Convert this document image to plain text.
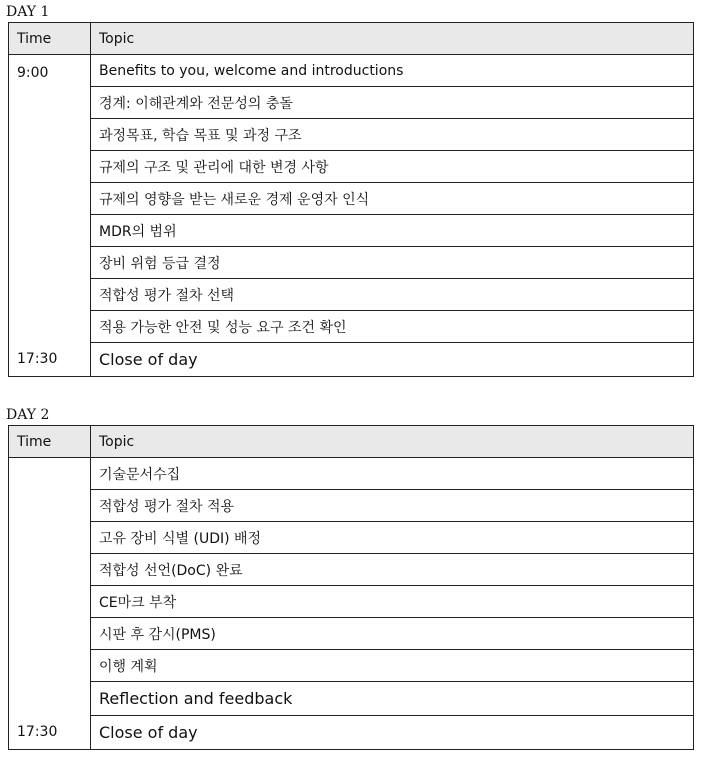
DAY 1
Time	Topic
9:00	Benefits to you, welcome and introductions
	경계: 이해관계와 전문성의 충돌
	과정목표, 학습 목표 및 과정 구조
	규제의 구조 및 관리에 대한 변경 사항
	규제의 영향을 받는 새로운 경제 운영자 인식
	MDR의 범위
	장비 위험 등급 결정
	적합성 평가 절차 선택
	적용 가능한 안전 및 성능 요구 조건 확인
17:30	Close of day
DAY 2
Time	Topic
	기술문서수집
	적합성 평가 절차 적용
	고유 장비 식별 (UDI) 배정
	적합성 선언(DoC) 완료
	CE마크 부착
	시판 후 감시(PMS)
	이행 계획
	Reflection and feedback
17:30	Close of day
